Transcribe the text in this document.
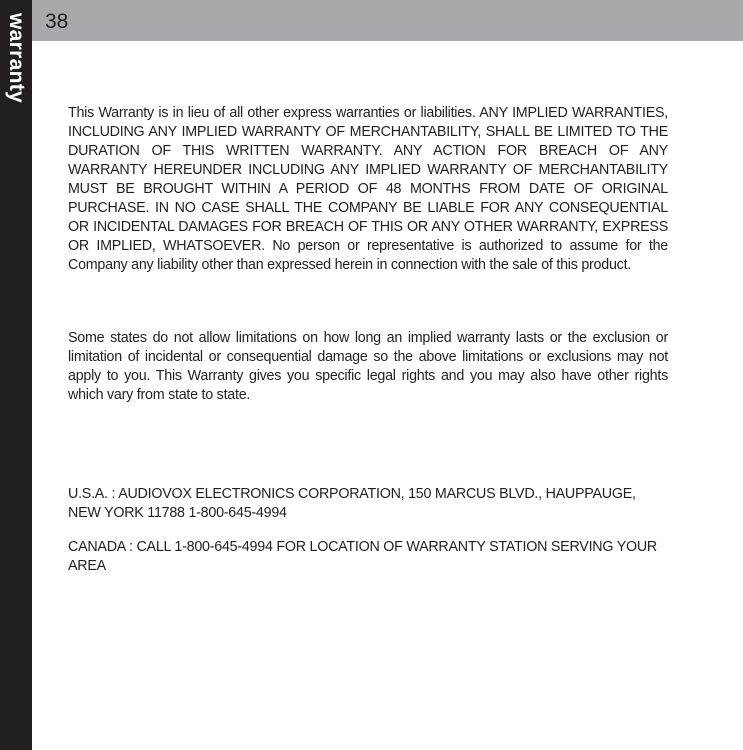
warranty 38

This Warranty is in lieu of all other express warranties or liabilities. ANY IMPLIED WARRANTIES, INCLUDING ANY IMPLIED WARRANTY OF MERCHANTABILITY, SHALL BE LIMITED TO THE DURATION OF THIS WRITTEN WARRANTY. ANY ACTION FOR BREACH OF ANY WARRANTY HEREUNDER INCLUDING ANY IMPLIED WARRANTY OF MERCHANTABILITY MUST BE BROUGHT WITHIN A PERIOD OF 48 MONTHS FROM DATE OF ORIGINAL PURCHASE. IN NO CASE SHALL THE COMPANY BE LIABLE FOR ANY CONSEQUENTIAL OR INCIDENTAL DAMAGES FOR BREACH OF THIS OR ANY OTHER WARRANTY, EXPRESS OR IMPLIED, WHATSOEVER. No person or representative is authorized to assume for the Company any liability other than expressed herein in connection with the sale of this product.

Some states do not allow limitations on how long an implied warranty lasts or the exclusion or limitation of incidental or consequential damage so the above limitations or exclusions may not apply to you. This Warranty gives you specific legal rights and you may also have other rights which vary from state to state.

U.S.A. : AUDIOVOX ELECTRONICS CORPORATION, 150 MARCUS BLVD., HAUPPAUGE, NEW YORK 11788 1-800-645-4994

CANADA : CALL 1-800-645-4994 FOR LOCATION OF WARRANTY STATION SERVING YOUR AREA
